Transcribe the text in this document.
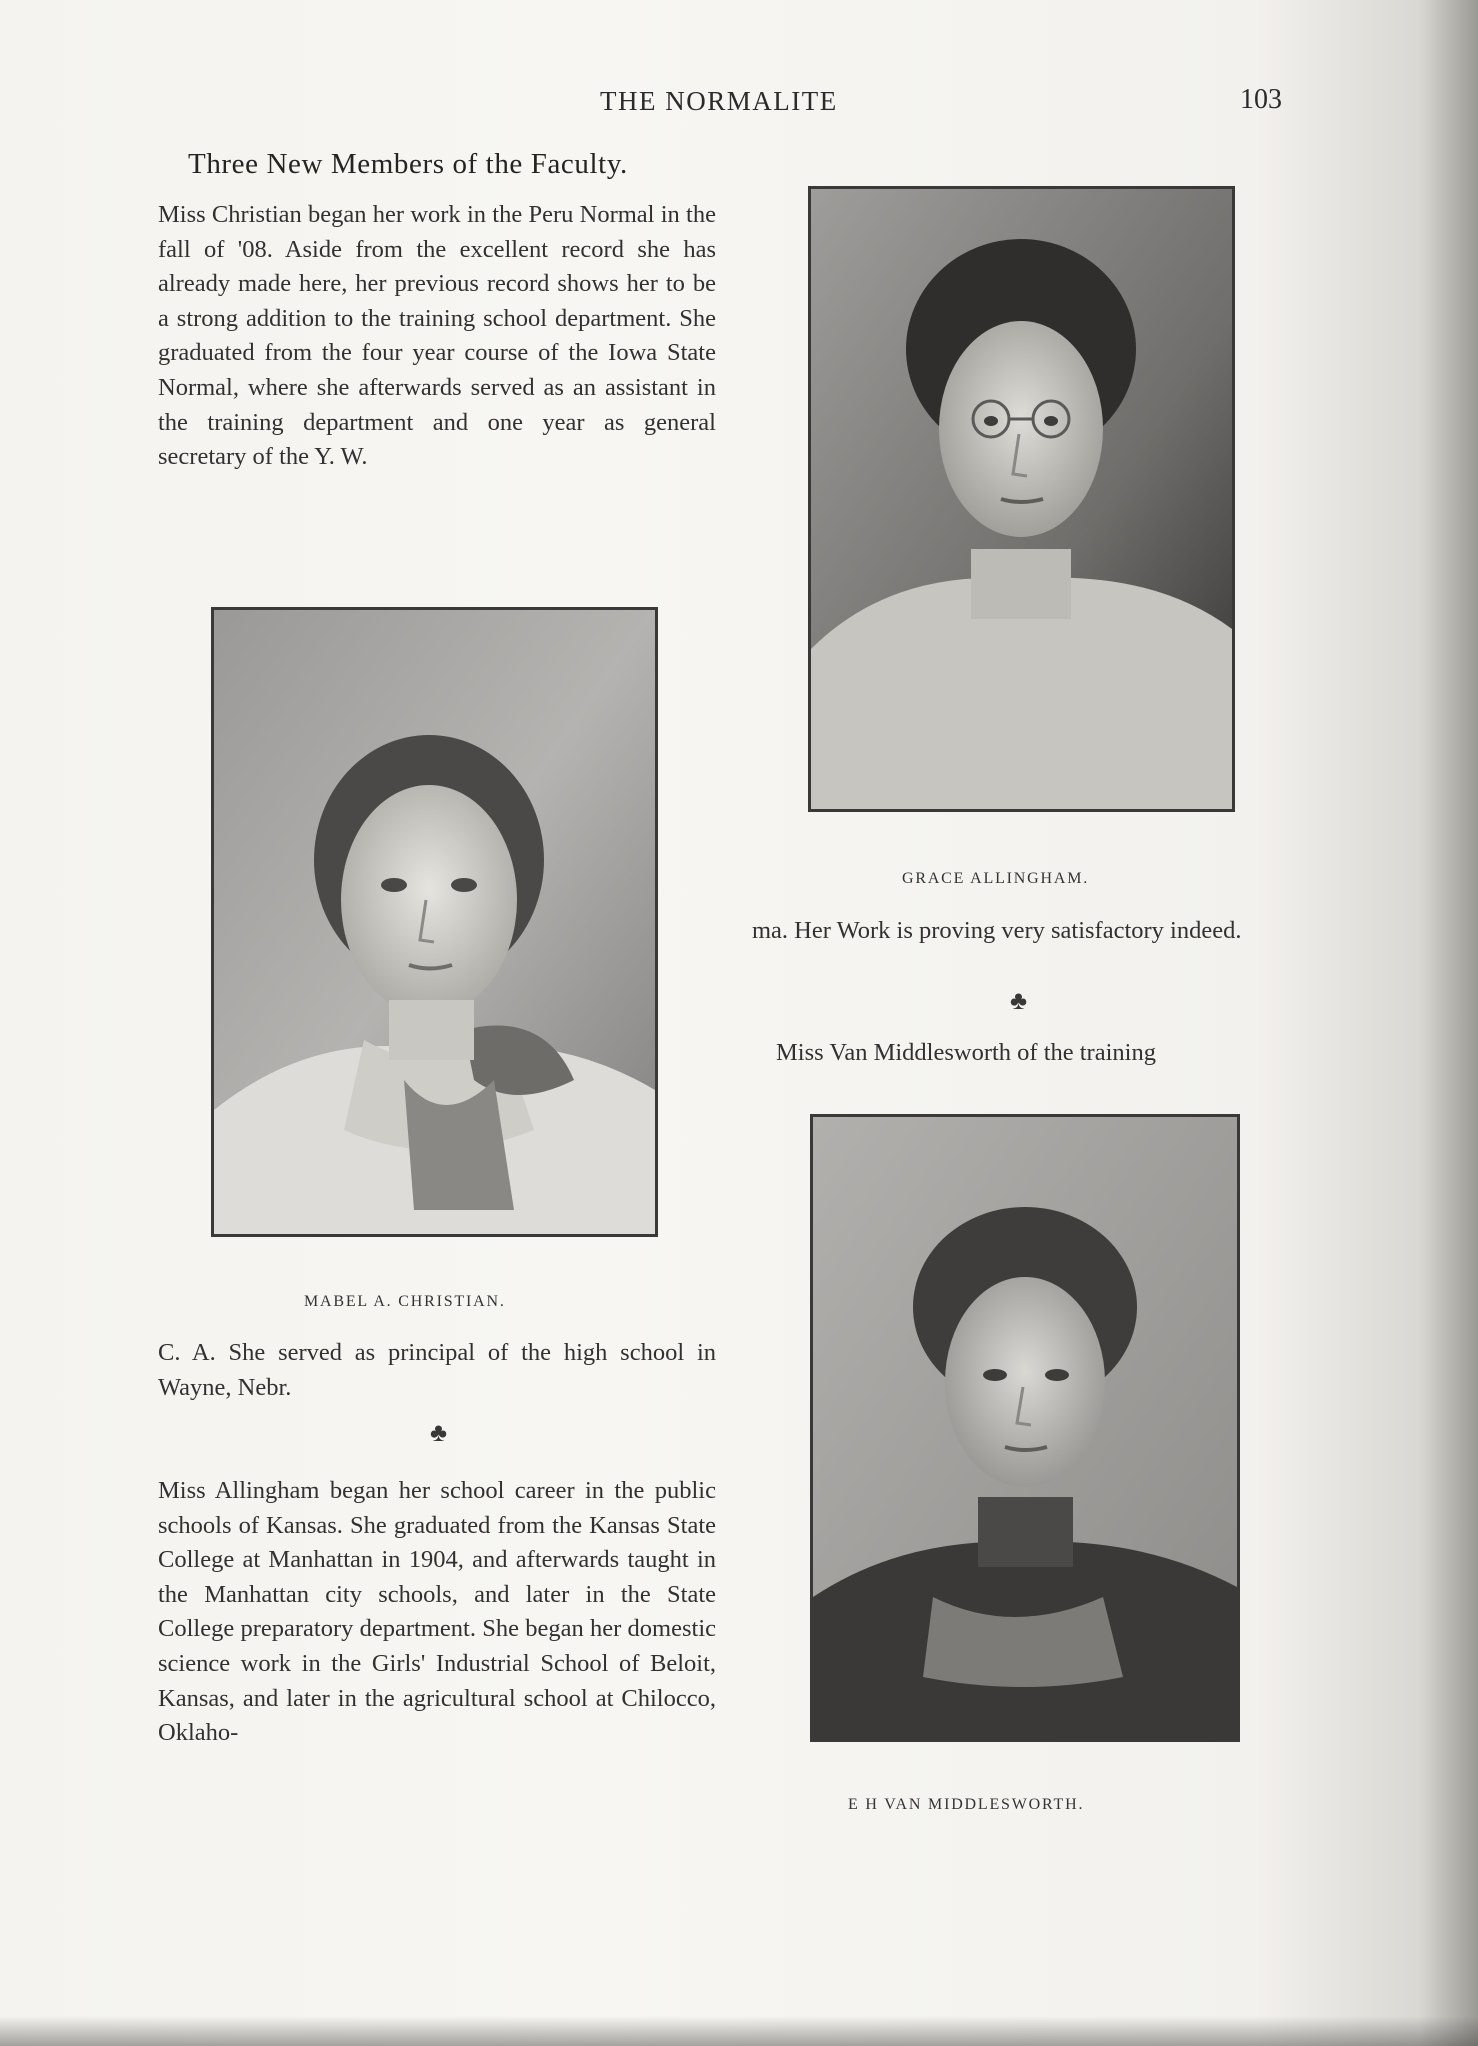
THE NORMALITE	103
Three New Members of the Faculty.
Miss Christian began her work in the Peru Normal in the fall of '08. Aside from the excellent record she has already made here, her previous record shows her to be a strong addition to the training school department. She graduated from the four year course of the Iowa State Normal, where she afterwards served as an assistant in the training department and one year as general secretary of the Y. W.
MABEL A. CHRISTIAN.
C. A. She served as principal of the high school in Wayne, Nebr.
♣
Miss Allingham began her school career in the public schools of Kansas. She graduated from the Kansas State College at Manhattan in 1904, and afterwards taught in the Manhattan city schools, and later in the State College preparatory department. She began her domestic science work in the Girls' Industrial School of Beloit, Kansas, and later in the agricultural school at Chilocco, Oklaho-
GRACE ALLINGHAM.
ma. Her Work is proving very satisfactory indeed.
♣
Miss Van Middlesworth of the training
E H VAN MIDDLESWORTH.
